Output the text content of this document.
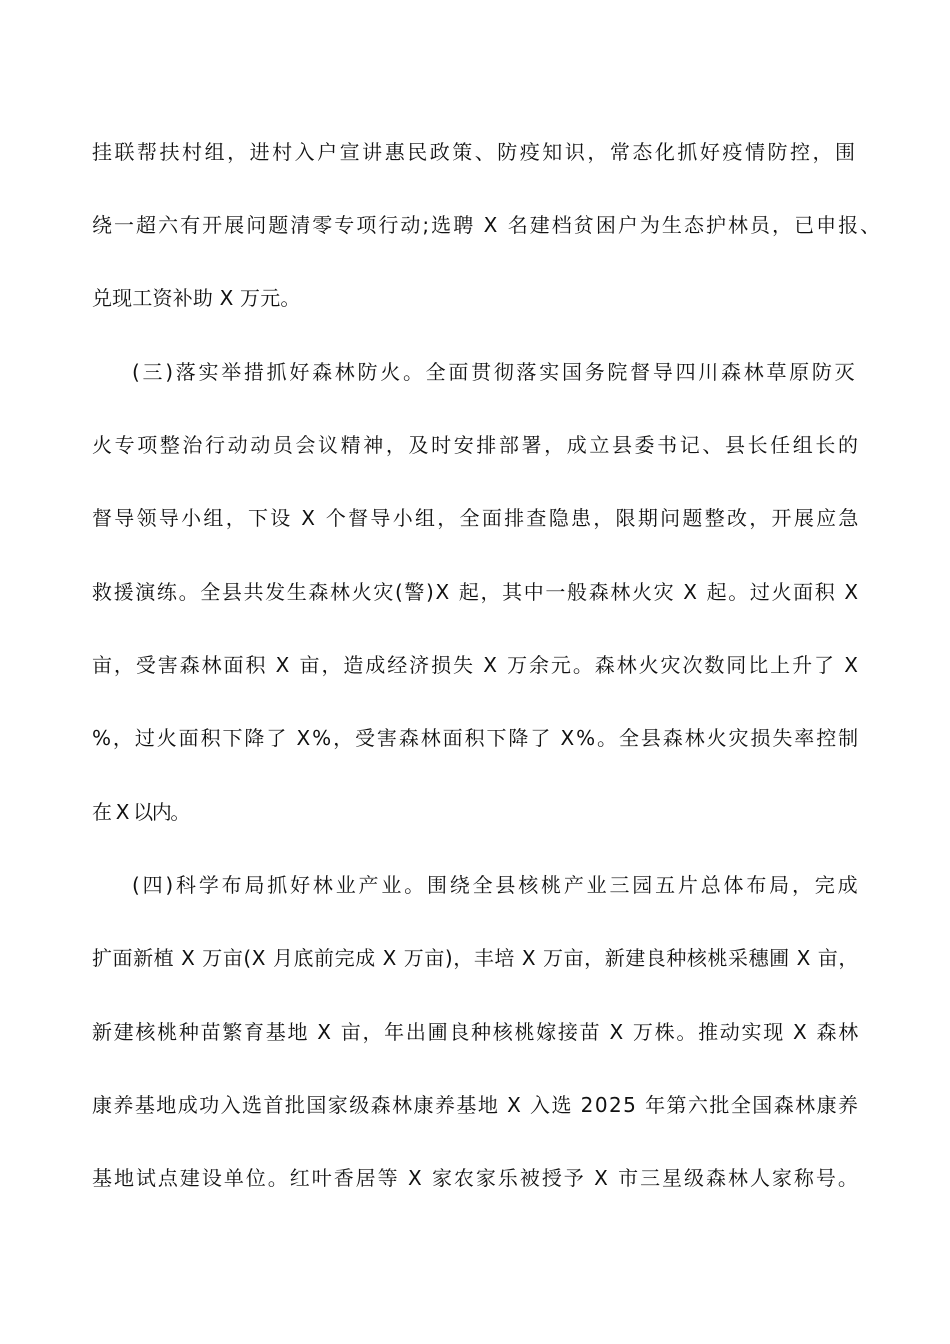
挂联帮扶村组，进村入户宣讲惠民政策、防疫知识，常态化抓好疫情防控，围
绕一超六有开展问题清零专项行动;选聘 X 名建档贫困户为生态护林员，已申报、
兑现工资补助 X 万元。
(三)落实举措抓好森林防火。全面贯彻落实国务院督导四川森林草原防灭
火专项整治行动动员会议精神，及时安排部署，成立县委书记、县长任组长的
督导领导小组，下设 X 个督导小组，全面排查隐患，限期问题整改，开展应急
救援演练。全县共发生森林火灾(警)X 起，其中一般森林火灾 X 起。过火面积 X
亩，受害森林面积 X 亩，造成经济损失 X 万余元。森林火灾次数同比上升了 X
%，过火面积下降了 X%，受害森林面积下降了 X%。全县森林火灾损失率控制
在 X 以内。
(四)科学布局抓好林业产业。围绕全县核桃产业三园五片总体布局，完成
扩面新植 X 万亩(X 月底前完成 X 万亩)，丰培 X 万亩，新建良种核桃采穗圃 X 亩，
新建核桃种苗繁育基地 X 亩，年出圃良种核桃嫁接苗 X 万株。推动实现 X 森林
康养基地成功入选首批国家级森林康养基地 X 入选 2025 年第六批全国森林康养
基地试点建设单位。红叶香居等 X 家农家乐被授予 X 市三星级森林人家称号。
